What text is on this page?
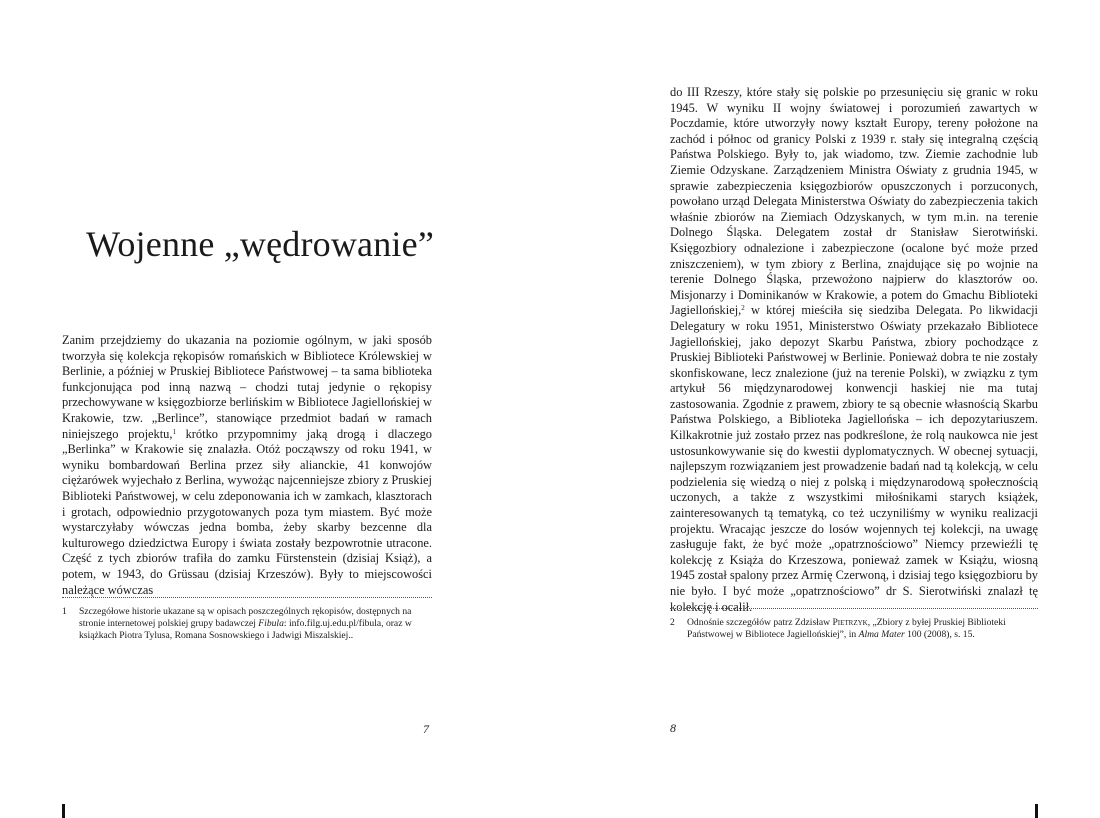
Wojenne „wędrowanie”

Zanim przejdziemy do ukazania na poziomie ogólnym, w jaki sposób tworzyła się kolekcja rękopisów romańskich w Bibliotece Królewskiej w Berlinie, a później w Pruskiej Bibliotece Państwowej – ta sama biblioteka funkcjonująca pod inną nazwą – chodzi tutaj jedynie o rękopisy przechowywane w księgozbiorze berlińskim w Bibliotece Jagiellońskiej w Krakowie, tzw. „Berlince”, stanowiące przedmiot badań w ramach niniejszego projektu,$^1$ krótko przypomnimy jaką drogą i dlaczego „Berlinka” w Krakowie się znalazła. Otóż począwszy od roku 1941, w wyniku bombardowań Berlina przez siły alianckie, 41 konwojów ciężarówek wyjechało z Berlina, wywożąc najcenniejsze zbiory z Pruskiej Biblioteki Państwowej, w celu zdeponowania ich w zamkach, klasztorach i grotach, odpowiednio przygotowanych poza tym miastem. Być może wystarczyłaby wówczas jedna bomba, żeby skarby bezcenne dla kulturowego dziedzictwa Europy i świata zostały bezpowrotnie utracone. Część z tych zbiorów trafiła do zamku Fürstenstein (dzisiaj Książ), a potem, w 1943, do Grüssau (dzisiaj Krzeszów). Były to miejscowości należące wówczas

1	Szczegółowe historie ukazane są w opisach poszczególnych rękopisów, dostępnych na stronie internetowej polskiej grupy badawczej Fibula: info.filg.uj.edu.pl/fibula, oraz w książkach Piotra Tylusa, Romana Sosnowskiego i Jadwigi Miszalskiej..
7

do III Rzeszy, które stały się polskie po przesunięciu się granic w roku 1945. W wyniku II wojny światowej i porozumień zawartych w Poczdamie, które utworzyły nowy kształt Europy, tereny położone na zachód i północ od granicy Polski z 1939 r. stały się integralną częścią Państwa Polskiego. Były to, jak wiadomo, tzw. Ziemie zachodnie lub Ziemie Odzyskane. Zarządzeniem Ministra Oświaty z grudnia 1945, w sprawie zabezpieczenia księgozbiorów opuszczonych i porzuconych, powołano urząd Delegata Ministerstwa Oświaty do zabezpieczenia takich właśnie zbiorów na Ziemiach Odzyskanych, w tym m.in. na terenie Dolnego Śląska. Delegatem został dr Stanisław Sierotwiński. Księgozbiory odnalezione i zabezpieczone (ocalone być może przed zniszczeniem), w tym zbiory z Berlina, znajdujące się po wojnie na terenie Dolnego Śląska, przewożono najpierw do klasztorów oo. Misjonarzy i Dominikanów w Krakowie, a potem do Gmachu Biblioteki Jagiellońskiej,$^2$ w której mieściła się siedziba Delegata. Po likwidacji Delegatury w roku 1951, Ministerstwo Oświaty przekazało Bibliotece Jagiellońskiej, jako depozyt Skarbu Państwa, zbiory pochodzące z Pruskiej Biblioteki Państwowej w Berlinie. Ponieważ dobra te nie zostały skonfiskowane, lecz znalezione (już na terenie Polski), w związku z tym artykuł 56 międzynarodowej konwencji haskiej nie ma tutaj zastosowania. Zgodnie z prawem, zbiory te są obecnie własnością Skarbu Państwa Polskiego, a Biblioteka Jagiellońska – ich depozytariuszem. Kilkakrotnie już zostało przez nas podkreślone, że rolą naukowca nie jest ustosunkowywanie się do kwestii dyplomatycznych. W obecnej sytuacji, najlepszym rozwiązaniem jest prowadzenie badań nad tą kolekcją, w celu podzielenia się wiedzą o niej z polską i międzynarodową społecznością uczonych, a także z wszystkimi miłośnikami starych książek, zainteresowanych tą tematyką, co też uczyniliśmy w wyniku realizacji projektu. Wracając jeszcze do losów wojennych tej kolekcji, na uwagę zasługuje fakt, że być może „opatrznościowo” Niemcy przewieźli tę kolekcję z Książa do Krzeszowa, ponieważ zamek w Książu, wiosną 1945 został spalony przez Armię Czerwoną, i dzisiaj tego księgozbioru by nie było. I być może „opatrznościowo” dr S. Sierotwiński znalazł tę kolekcję i ocalił.

2	Odnośnie szczegółów patrz Zdzisław Pietrzyk, „Zbiory z byłej Pruskiej Biblioteki Państwowej w Bibliotece Jagiellońskiej”, in Alma Mater 100 (2008), s. 15.
8
